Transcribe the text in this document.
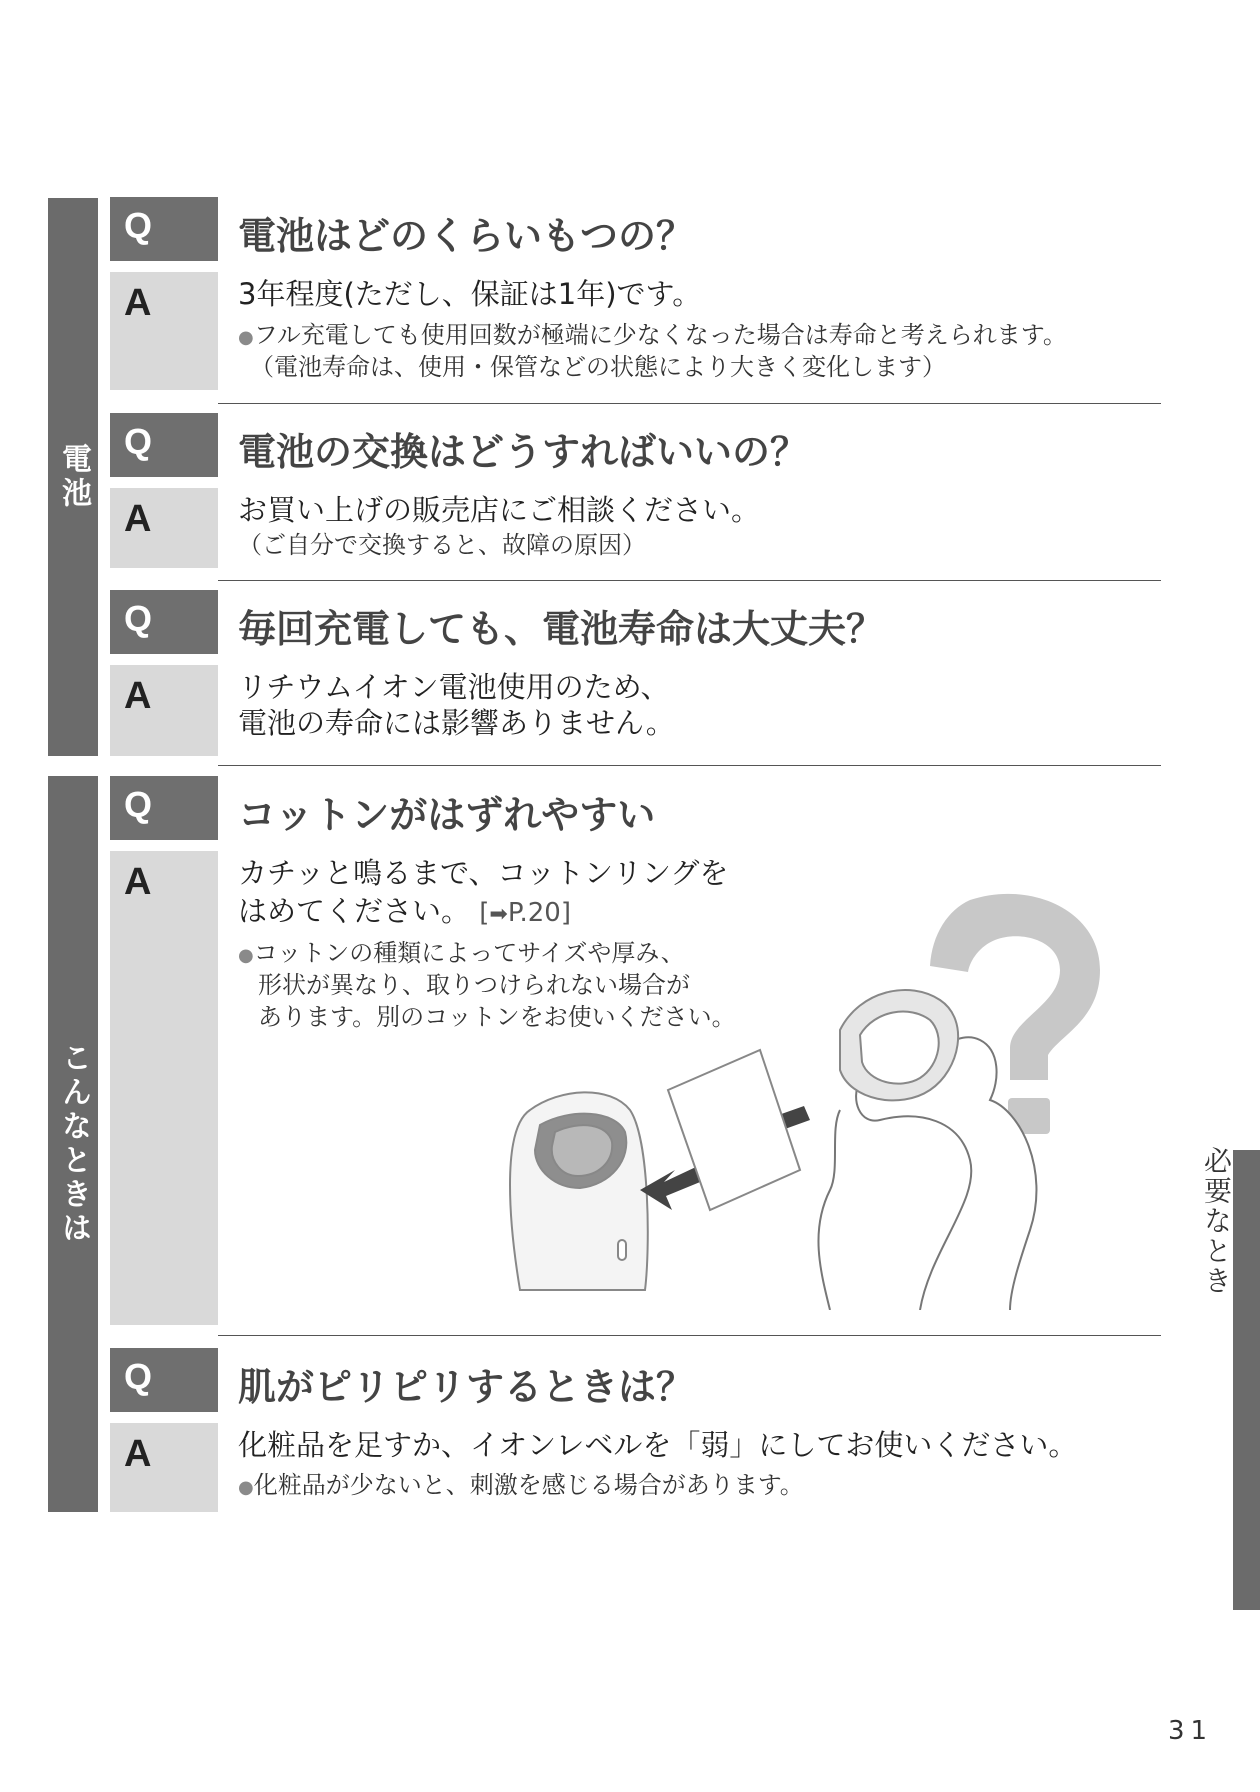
電池
こんなときは
Q	電池はどのくらいもつの？
A	3年程度(ただし、保証は1年)です。
●フル充電しても使用回数が極端に少なくなった場合は寿命と考えられます。
（電池寿命は、使用・保管などの状態により大きく変化します）
Q	電池の交換はどうすればいいの？
A	お買い上げの販売店にご相談ください。
（ご自分で交換すると、故障の原因）
Q	毎回充電しても、電池寿命は大丈夫？
A	リチウムイオン電池使用のため、
電池の寿命には影響ありません。
Q	コットンがはずれやすい
A	カチッと鳴るまで、コットンリングを
はめてください。 [➡P.20]
●コットンの種類によってサイズや厚み、
形状が異なり、取りつけられない場合が
あります。別のコットンをお使いください。
Q	肌がピリピリするときは？
A	化粧品を足すか、イオンレベルを「弱」にしてお使いください。
●化粧品が少ないと、刺激を感じる場合があります。
必要なとき
31
